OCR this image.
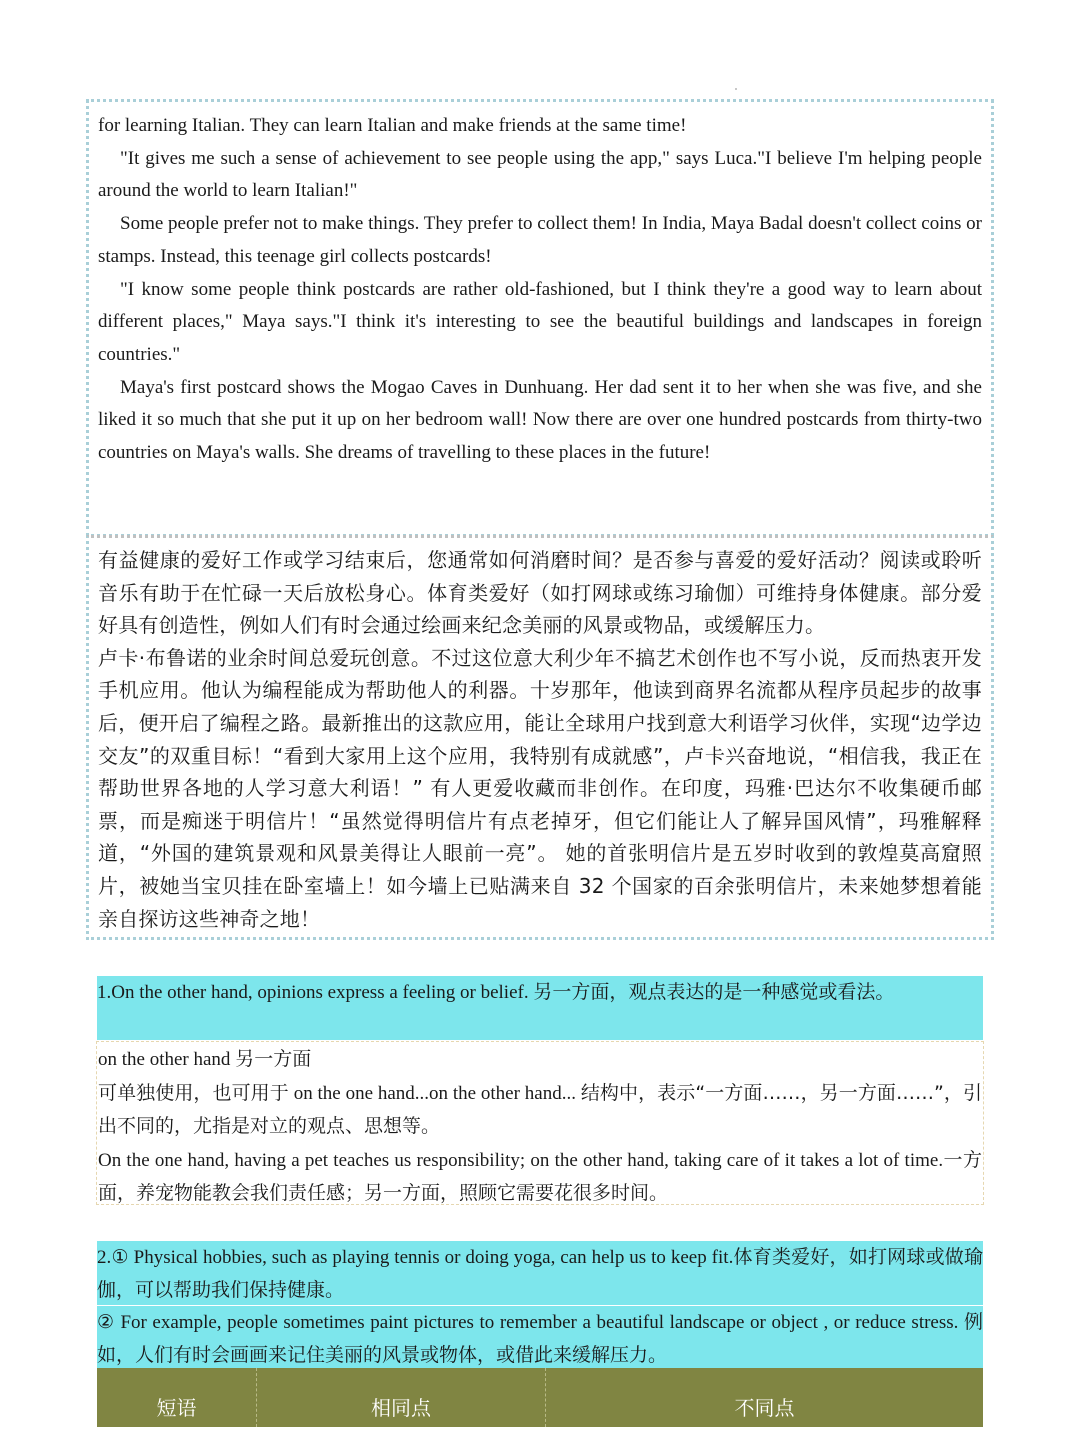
for learning Italian. They can learn Italian and make friends at the same time!
"It gives me such a sense of achievement to see people using the app," says Luca."I believe I'm helping people around the world to learn Italian!"
Some people prefer not to make things. They prefer to collect them! In India, Maya Badal doesn't collect coins or stamps. Instead, this teenage girl collects postcards!
"I know some people think postcards are rather old-fashioned, but I think they're a good way to learn about different places," Maya says."I think it's interesting to see the beautiful buildings and landscapes in foreign countries."
Maya's first postcard shows the Mogao Caves in Dunhuang. Her dad sent it to her when she was five, and she liked it so much that she put it up on her bedroom wall! Now there are over one hundred postcards from thirty-two countries on Maya's walls. She dreams of travelling to these places in the future!
有益健康的爱好工作或学习结束后，您通常如何消磨时间？是否参与喜爱的爱好活动？阅读或聆听音乐有助于在忙碌一天后放松身心。体育类爱好（如打网球或练习瑜伽）可维持身体健康。部分爱好具有创造性，例如人们有时会通过绘画来纪念美丽的风景或物品，或缓解压力。
卢卡·布鲁诺的业余时间总爱玩创意。不过这位意大利少年不搞艺术创作也不写小说，反而热衷开发手机应用。他认为编程能成为帮助他人的利器。十岁那年，他读到商界名流都从程序员起步的故事后，便开启了编程之路。最新推出的这款应用，能让全球用户找到意大利语学习伙伴，实现“边学边交友”的双重目标！“看到大家用上这个应用，我特别有成就感”，卢卡兴奋地说，“相信我，我正在帮助世界各地的人学习意大利语！” 有人更爱收藏而非创作。在印度，玛雅·巴达尔不收集硬币邮票，而是痴迷于明信片！“虽然觉得明信片有点老掉牙，但它们能让人了解异国风情”，玛雅解释道，“外国的建筑景观和风景美得让人眼前一亮”。 她的首张明信片是五岁时收到的敦煌莫高窟照片，被她当宝贝挂在卧室墙上！如今墙上已贴满来自 32 个国家的百余张明信片，未来她梦想着能亲自探访这些神奇之地！
1.On the other hand, opinions express a feeling or belief. 另一方面，观点表达的是一种感觉或看法。
on the other hand 另一方面
可单独使用，也可用于 on the one hand...on the other hand... 结构中，表示“一方面……，另一方面……”，引出不同的，尤指是对立的观点、思想等。
On the one hand, having a pet teaches us responsibility; on the other hand, taking care of it takes a lot of time.一方面，养宠物能教会我们责任感；另一方面，照顾它需要花很多时间。
2.① Physical hobbies, such as playing tennis or doing yoga, can help us to keep fit.体育类爱好，如打网球或做瑜伽，可以帮助我们保持健康。
② For example, people sometimes paint pictures to remember a beautiful landscape or object , or reduce stress. 例如，人们有时会画画来记住美丽的风景或物体，或借此来缓解压力。
短语	相同点	不同点
